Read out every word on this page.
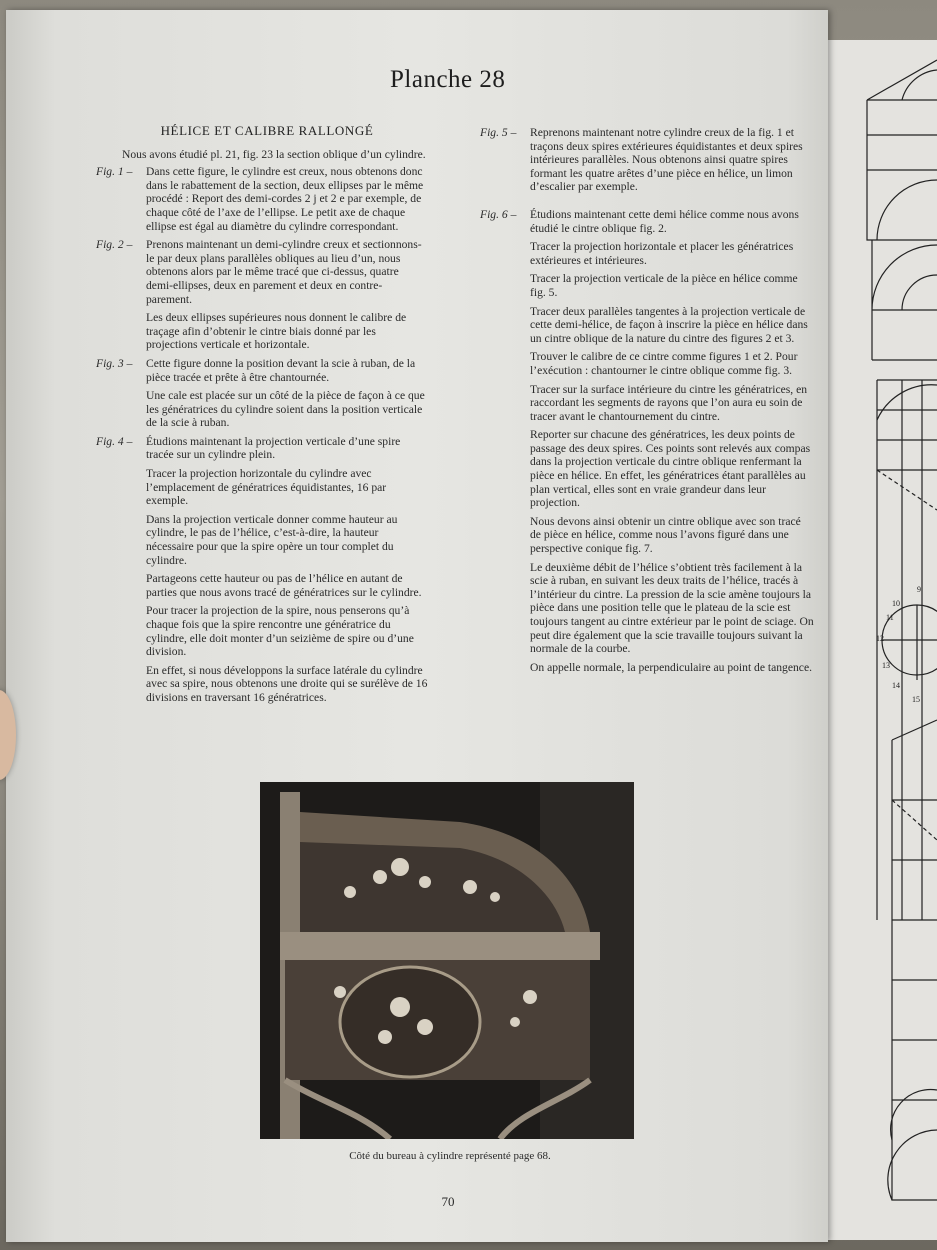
9
10
11
12
13
14
15
Planche 28
HÉLICE ET CALIBRE RALLONGÉ
Nous avons étudié pl. 21, fig. 23 la section oblique d’un cylindre.
Fig. 1 –	Dans cette figure, le cylindre est creux, nous obtenons donc dans le rabattement de la section, deux ellipses par le même procédé : Report des demi-cordes 2 j et 2 e par exemple, de chaque côté de l’axe de l’ellipse. Le petit axe de chaque ellipse est égal au diamètre du cylindre correspondant.
Fig. 2 –	Prenons maintenant un demi-cylindre creux et sectionnons-le par deux plans parallèles obliques au lieu d’un, nous obtenons alors par le même tracé que ci-dessus, quatre demi-ellipses, deux en parement et deux en contre-parement.
Les deux ellipses supérieures nous donnent le calibre de traçage afin d’obtenir le cintre biais donné par les projections verticale et horizontale.
Fig. 3 –	Cette figure donne la position devant la scie à ruban, de la pièce tracée et prête à être chantournée.
Une cale est placée sur un côté de la pièce de façon à ce que les génératrices du cylindre soient dans la position verticale de la scie à ruban.
Fig. 4 –	Étudions maintenant la projection verticale d’une spire tracée sur un cylindre plein.
Tracer la projection horizontale du cylindre avec l’emplacement de génératrices équidistantes, 16 par exemple.
Dans la projection verticale donner comme hauteur au cylindre, le pas de l’hélice, c’est-à-dire, la hauteur nécessaire pour que la spire opère un tour complet du cylindre.
Partageons cette hauteur ou pas de l’hélice en autant de parties que nous avons tracé de génératrices sur le cylindre.
Pour tracer la projection de la spire, nous penserons qu’à chaque fois que la spire rencontre une génératrice du cylindre, elle doit monter d’un seizième de spire ou d’une division.
En effet, si nous développons la surface latérale du cylindre avec sa spire, nous obtenons une droite qui se surélève de 16 divisions en traversant 16 génératrices.
Fig. 5 –	Reprenons maintenant notre cylindre creux de la fig. 1 et traçons deux spires extérieures équidistantes et deux spires intérieures parallèles. Nous obtenons ainsi quatre spires formant les quatre arêtes d’une pièce en hélice, un limon d’escalier par exemple.
Fig. 6 –	Étudions maintenant cette demi hélice comme nous avons étudié le cintre oblique fig. 2.
Tracer la projection horizontale et placer les génératrices extérieures et intérieures.
Tracer la projection verticale de la pièce en hélice comme fig. 5.
Tracer deux parallèles tangentes à la projection verticale de cette demi-hélice, de façon à inscrire la pièce en hélice dans un cintre oblique de la nature du cintre des figures 2 et 3.
Trouver le calibre de ce cintre comme figures 1 et 2. Pour l’exécution : chantourner le cintre oblique comme fig. 3.
Tracer sur la surface intérieure du cintre les génératrices, en raccordant les segments de rayons que l’on aura eu soin de tracer avant le chantournement du cintre.
Reporter sur chacune des génératrices, les deux points de passage des deux spires. Ces points sont relevés aux compas dans la projection verticale du cintre oblique renfermant la pièce en hélice. En effet, les génératrices étant parallèles au plan vertical, elles sont en vraie grandeur dans leur projection.
Nous devons ainsi obtenir un cintre oblique avec son tracé de pièce en hélice, comme nous l’avons figuré dans une perspective conique fig. 7.
Le deuxième débit de l’hélice s’obtient très facilement à la scie à ruban, en suivant les deux traits de l’hélice, tracés à l’intérieur du cintre. La pression de la scie amène toujours la pièce dans une position telle que le plateau de la scie est toujours tangent au cintre extérieur par le point de sciage. On peut dire également que la scie travaille toujours suivant la normale de la courbe.
On appelle normale, la perpendiculaire au point de tangence.
Côté du bureau à cylindre représenté page 68.
70
